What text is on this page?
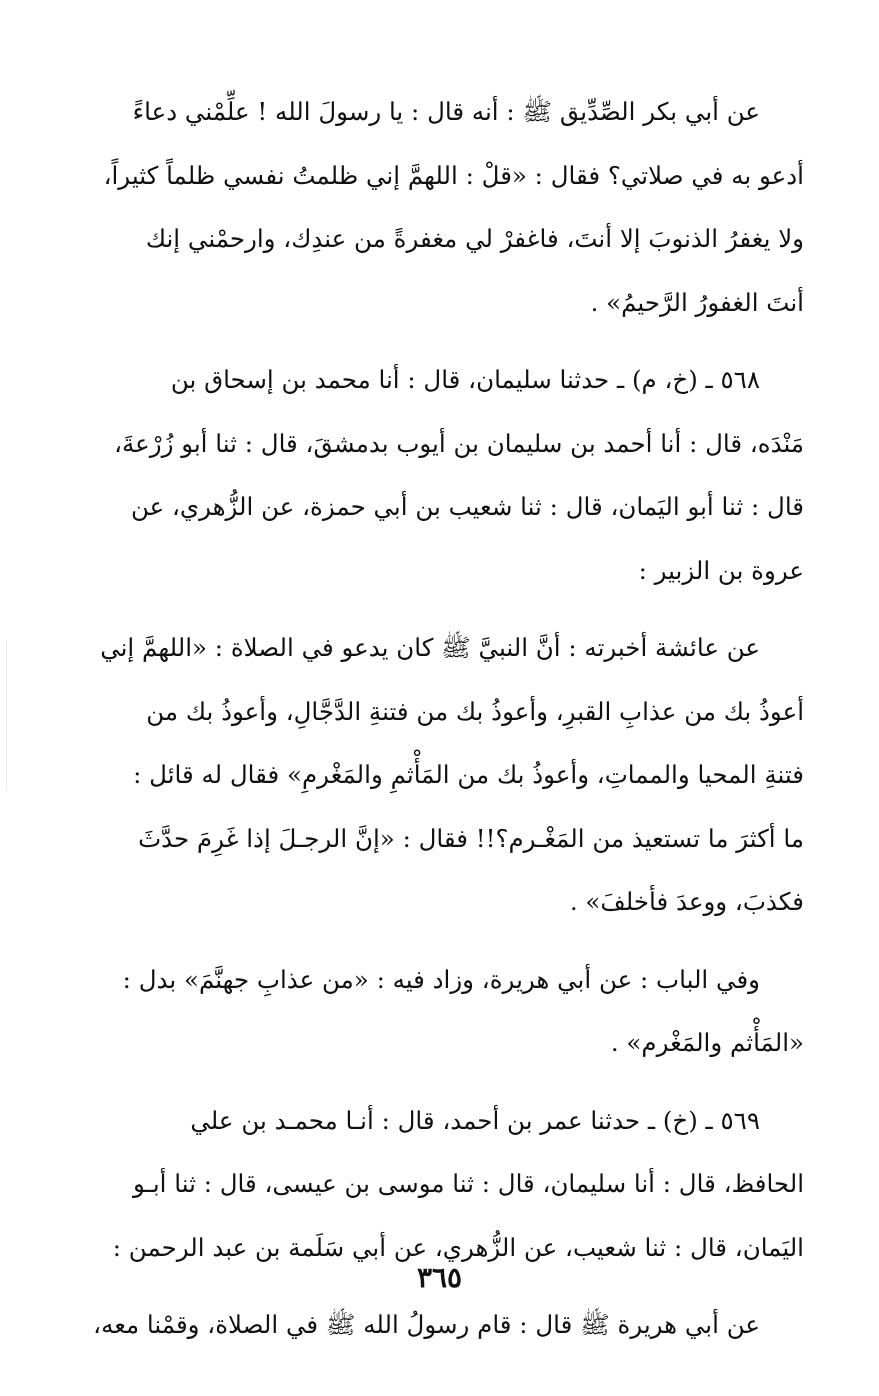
عن أبي بكر الصِّدِّيق ﷺ : أنه قال : يا رسولَ الله ! علِّمْني دعاءً
أدعو به في صلاتي؟ فقال : «قلْ : اللهمَّ إني ظلمتُ نفسي ظلماً كثيراً،
ولا يغفرُ الذنوبَ إلا أنتَ، فاغفرْ لي مغفرةً من عندِك، وارحمْني إنك
أنتَ الغفورُ الرَّحيمُ» .
٥٦٨ ـ (خ، م) ـ حدثنا سليمان، قال : أنا محمد بن إسحاق بن
مَنْدَه، قال : أنا أحمد بن سليمان بن أيوب بدمشقَ، قال : ثنا أبو زُرْعةَ،
قال : ثنا أبو اليَمان، قال : ثنا شعيب بن أبي حمزة، عن الزُّهري، عن
عروة بن الزبير :
عن عائشة أخبرته : أنَّ النبيَّ ﷺ كان يدعو في الصلاة : «اللهمَّ إني
أعوذُ بك من عذابِ القبرِ، وأعوذُ بك من فتنةِ الدَّجَّالِ، وأعوذُ بك من
فتنةِ المحيا والمماتِ، وأعوذُ بك من المَأْثمِ والمَغْرمِ» فقال له قائل :
ما أكثرَ ما تستعيذ من المَغْـرم؟!! فقال : «إنَّ الرجـلَ إذا غَرِمَ حدَّثَ
فكذبَ، ووعدَ فأخلفَ» .
وفي الباب : عن أبي هريرة، وزاد فيه : «من عذابِ جهنَّمَ» بدل :
«المَأْثم والمَغْرم» .
٥٦٩ ـ (خ) ـ حدثنا عمر بن أحمد، قال : أنـا محمـد بن علي
الحافظ، قال : أنا سليمان، قال : ثنا موسى بن عيسى، قال : ثنا أبـو
اليَمان، قال : ثنا شعيب، عن الزُّهري، عن أبي سَلَمة بن عبد الرحمن :
عن أبي هريرة ﷺ قال : قام رسولُ الله ﷺ في الصلاة، وقمْنا معه،
٣٦٥
